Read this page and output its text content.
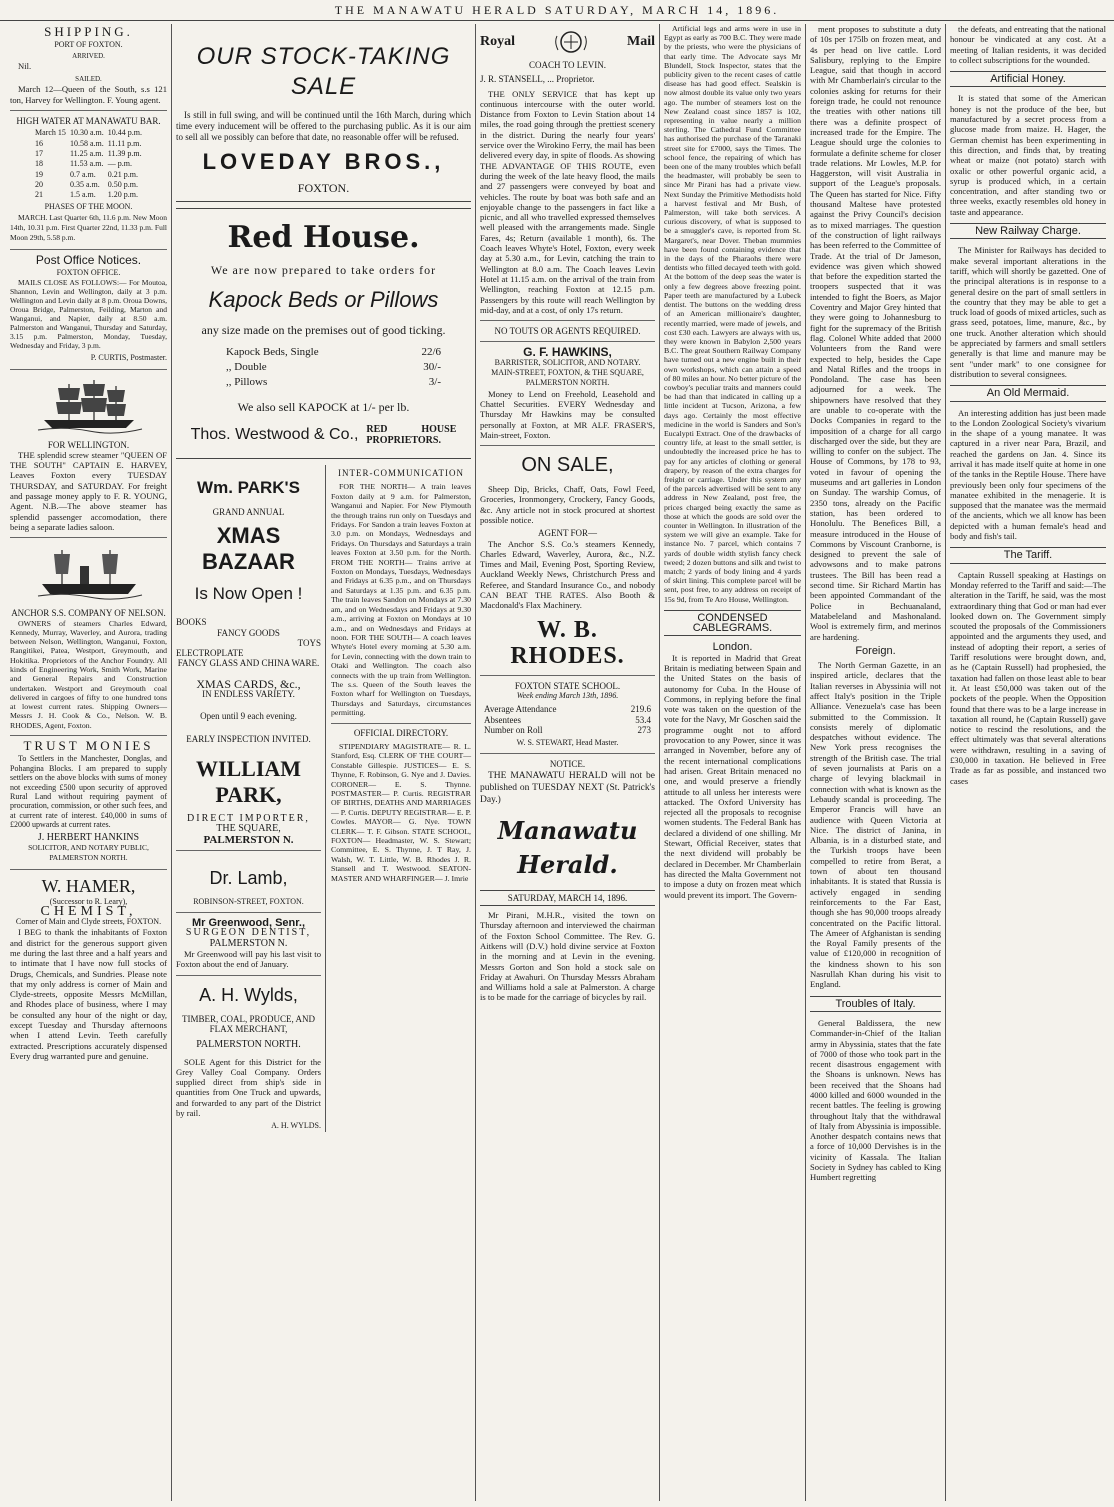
THE MANAWATU HERALD SATURDAY, MARCH 14, 1896.
SHIPPING.
PORT OF FOXTON.
ARRIVED.

Nil.

SAILED.

March 12—Queen of the South, s.s 121 ton, Harvey for Wellington. F. Young agent.

HIGH WATER AT MANAWATU BAR.
March 15	10.30 a.m.	10.44 p.m.
16	10.58 a.m.	11.11 p.m.
17	11.25 a.m.	11.39 p.m.
18	11.53 a.m.	— p.m.
19	0.7 a.m.	0.21 p.m.
20	0.35 a.m.	0.50 p.m.
21	1.5 a.m.	1.20 p.m.
PHASES OF THE MOON.

MARCH. Last Quarter 6th, 11.6 p.m. New Moon 14th, 10.31 p.m. First Quarter 22nd, 11.33 p.m. Full Moon 29th, 5.58 p.m.

Post Office Notices.
FOXTON OFFICE.

MAILS CLOSE AS FOLLOWS:— For Moutoa, Shannon, Levin and Wellington, daily at 3 p.m. Wellington and Levin daily at 8 p.m. Oroua Downs, Oroua Bridge, Palmerston, Feilding, Marton and Wanganui, and Napier, daily at 8.50 a.m. Palmerston and Wanganui, Thursday and Saturday, 3.15 p.m. Palmerston, Monday, Tuesday, Wednesday and Friday, 3 p.m.

P. CURTIS, Postmaster.
FOR WELLINGTON.

THE splendid screw steamer "QUEEN OF THE SOUTH" CAPTAIN E. HARVEY, Leaves Foxton every TUESDAY THURSDAY, and SATURDAY. For freight and passage money apply to F. R. YOUNG, Agent. N.B.—The above steamer has splendid passenger accomodation, there being a separate ladies saloon.

ANCHOR S.S. COMPANY OF NELSON.

OWNERS of steamers Charles Edward, Kennedy, Murray, Waverley, and Aurora, trading between Nelson, Wellington, Wanganui, Foxton, Rangitikei, Patea, Westport, Greymouth, and Hokitika. Proprietors of the Anchor Foundry. All kinds of Engineering Work, Smith Work, Marine and General Repairs and Construction undertaken. Westport and Greymouth coal delivered in cargoes of fifty to one hundred tons at lowest current rates. Shipping Owners— Messrs J. H. Cook & Co., Nelson. W. B. RHODES, Agent, Foxton.

TRUST MONIES

To Settlers in the Manchester, Donglas, and Pohangina Blocks. I am prepared to supply settlers on the above blocks with sums of money not exceeding £500 upon security of approved Rural Land without requiring payment of procuration, commission, or other such fees, and at current rate of interest. £40,000 in sums of £2000 upwards at current rates.

J. HERBERT HANKINS
SOLICITOR, AND NOTARY PUBLIC, PALMERSTON NORTH.
W. HAMER,
(Successor to R. Leary),
CHEMIST,
Corner of Main and Clyde streets, FOXTON.

I BEG to thank the inhabitants of Foxton and district for the generous support given me during the last three and a half years and to intimate that I have now full stocks of Drugs, Chemicals, and Sundries. Please note that my only address is corner of Main and Clyde-streets, opposite Messrs McMillan, and Rhodes place of business, where I may be consulted any hour of the night or day, except Tuesday and Thursday afternoons when I attend Levin. Teeth carefully extracted. Prescriptions accurately dispensed Every drug warranted pure and genuine.

OUR STOCK-TAKING SALE

Is still in full swing, and will be continued until the 16th March, during which time every inducement will be offered to the purchasing public. As it is our aim to sell all we possibly can before that date, no reasonable offer will be refused.

LOVEDAY BROS.,
FOXTON.
Red House.
We are now prepared to take orders for
Kapock Beds or Pillows
any size made on the premises out of good ticking.
Kapock Beds, Single	22/6
,, Double	30/-
,, Pillows	3/-
We also sell KAPOCK at 1/- per lb.
Thos. Westwood & Co., RED HOUSE PROPRIETORS.
Wm. PARK'S
GRAND ANNUAL
XMAS BAZAAR
Is Now Open !
BOOKS
FANCY GOODS
TOYS
ELECTROPLATE
FANCY GLASS AND CHINA WARE.
XMAS CARDS, &c.,
IN ENDLESS VARIETY.
Open until 9 each evening.
EARLY INSPECTION INVITED.
WILLIAM PARK,
DIRECT IMPORTER,
THE SQUARE,
PALMERSTON N.
Dr. Lamb,
ROBINSON-STREET, FOXTON.
Mr Greenwood, Senr.,
SURGEON DENTIST,
PALMERSTON N.

Mr Greenwood will pay his last visit to Foxton about the end of January.

A. H. Wylds,
TIMBER, COAL, PRODUCE, AND FLAX MERCHANT,
PALMERSTON NORTH.

SOLE Agent for this District for the Grey Valley Coal Company. Orders supplied direct from ship's side in quantities from One Truck and upwards, and forwarded to any part of the District by rail.

A. H. WYLDS.
INTER-COMMUNICATION

FOR THE NORTH— A train leaves Foxton daily at 9 a.m. for Palmerston, Wanganui and Napier. For New Plymouth the through trains run only on Tuesdays and Fridays. For Sandon a train leaves Foxton at 3.0 p.m. on Mondays, Wednesdays and Fridays. On Thursdays and Saturdays a train leaves Foxton at 3.50 p.m. for the North. FROM THE NORTH— Trains arrive at Foxton on Mondays, Tuesdays, Wednesdays and Fridays at 6.35 p.m., and on Thursdays and Saturdays at 1.35 p.m. and 6.35 p.m. The train leaves Sandon on Mondays at 7.30 am, and on Wednesdays and Fridays at 9.30 a.m., arriving at Foxton on Mondays at 10 a.m., and on Wednesdays and Fridays at noon. FOR THE SOUTH— A coach leaves Whyte's Hotel every morning at 5.30 a.m. for Levin, connecting with the down train to Otaki and Wellington. The coach also connects with the up train from Wellington. The s.s. Queen of the South leaves the Foxton wharf for Wellington on Tuesdays, Thursdays and Saturdays, circumstances permitting.

OFFICIAL DIRECTORY.

STIPENDIARY MAGISTRATE— R. L. Stanford, Esq. CLERK OF THE COURT— Constable Gillespie. JUSTICES— E. S. Thynne, F. Robinson, G. Nye and J. Davies. CORONER— E. S. Thynne. POSTMASTER— P. Curtis. REGISTRAR OF BIRTHS, DEATHS AND MARRIAGES— P. Curtis. DEPUTY REGISTRAR— E. P. Cowles. MAYOR— G. Nye. TOWN CLERK— T. F. Gibson. STATE SCHOOL, FOXTON— Headmaster, W. S. Stewart; Committee, E. S. Thynne, J. T Ray, J. Walsh, W. T. Little, W. B. Rhodes J. R. Stansell and T. Westwood. SEATON-MASTER AND WHARFINGER— J. Imrie

Royal	Mail
COACH TO LEVIN.
J. R. STANSELL, ... Proprietor.

THE ONLY SERVICE that has kept up continuous intercourse with the outer world. Distance from Foxton to Levin Station about 14 miles, the road going through the prettiest scenery in the district. During the nearly four years' service over the Wirokino Ferry, the mail has been delivered every day, in spite of floods. As showing THE ADVANTAGE OF THIS ROUTE, even during the week of the late heavy flood, the mails and 27 passengers were conveyed by boat and vehicles. The route by boat was both safe and an enjoyable change to the passengers in fact like a picnic, and all who travelled expressed themselves well pleased with the arrangements made. Single Fares, 4s; Return (available 1 month), 6s. The Coach leaves Whyte's Hotel, Foxton, every week day at 5.30 a.m., for Levin, catching the train to Wellington at 8.0 a.m. The Coach leaves Levin Hotel at 11.15 a.m. on the arrival of the train from Wellington, reaching Foxton at 12.15 p.m. Passengers by this route will reach Wellington by mid-day, and at a cost, of only 17s return.

NO TOUTS OR AGENTS REQUIRED.
G. F. HAWKINS,
BARRISTER, SOLICITOR, AND NOTARY.
MAIN-STREET, FOXTON, & THE SQUARE, PALMERSTON NORTH.

Money to Lend on Freehold, Leasehold and Chattel Securities. EVERY Wednesday and Thursday Mr Hawkins may be consulted personally at Foxton, at MR ALF. FRASER'S, Main-street, Foxton.

ON SALE,

Sheep Dip, Bricks, Chaff, Oats, Fowl Feed, Groceries, Ironmongery, Crockery, Fancy Goods, &c. Any article not in stock procured at shortest possible notice.

AGENT FOR—

The Anchor S.S. Co.'s steamers Kennedy, Charles Edward, Waverley, Aurora, &c., N.Z. Times and Mail, Evening Post, Sporting Review, Auckland Weekly News, Christchurch Press and Referee, and Standard Insurance Co., and nobody CAN BEAT THE RATES. Also Booth & Macdonald's Flax Machinery.

W. B. RHODES.
FOXTON STATE SCHOOL.
Week ending March 13th, 1896.
Average Attendance	219.6
Absentees	53.4
Number on Roll	273
W. S. STEWART, Head Master.
NOTICE.

THE MANAWATU HERALD will not be published on TUESDAY NEXT (St. Patrick's Day.)

Manawatu Herald.
SATURDAY, MARCH 14, 1896.

Mr Pirani, M.H.R., visited the town on Thursday afternoon and interviewed the chairman of the Foxton School Committee. The Rev. G. Aitkens will (D.V.) hold divine service at Foxton in the morning and at Levin in the evening. Messrs Gorton and Son hold a stock sale on Friday at Awahuri. On Thursday Messrs Abraham and Williams hold a sale at Palmerston. A charge is to be made for the carriage of bicycles by rail.

Artificial legs and arms were in use in Egypt as early as 700 B.C. They were made by the priests, who were the physicians of that early time. The Advocate says Mr Blundell, Stock Inspector, states that the publicity given to the recent cases of cattle disease has had good effect. Sealskin is now almost double its value only two years ago. The number of steamers lost on the New Zealand coast since 1857 is 102, representing in value nearly a million sterling. The Cathedral Fund Committee has authorised the purchase of the Taranaki street site for £7000, says the Times. The school fence, the repairing of which has been one of the many troubles which befall the headmaster, will probably be seen to since Mr Pirani has had a private view. Next Sunday the Primitive Methodists hold a harvest festival and Mr Bush, of Palmerston, will take both services. A curious discovery, of what is supposed to be a smuggler's cave, is reported from St. Margaret's, near Dover. Theban mummies have been found containing evidence that in the days of the Pharaohs there were dentists who filled decayed teeth with gold. At the bottom of the deep seas the water is only a few degrees above freezing point. Paper teeth are manufactured by a Lubeck dentist. The buttons on the wedding dress of an American millionaire's daughter, recently married, were made of jewels, and cost £30 each. Lawyers are always with us, they were known in Babylon 2,500 years B.C. The great Southern Railway Company have turned out a new engine built in their own workshops, which can attain a speed of 80 miles an hour. No better picture of the cowboy's peculiar traits and manners could be had than that indicated in calling up a little incident at Tucson, Arizona, a few days ago. Certainly the most effective medicine in the world is Sanders and Son's Eucalypti Extract. One of the drawbacks of country life, at least to the small settler, is undoubtedly the increased price he has to pay for any articles of clothing or general drapery, by reason of the extra charges for freight or carriage. Under this system any of the parcels advertised will be sent to any address in New Zealand, post free, the prices charged being exactly the same as those at which the goods are sold over the counter in Wellington. In illustration of the system we will give an example. Take for instance No. 7 parcel, which contains 7 yards of double width stylish fancy check tweed; 2 dozen buttons and silk and twist to match; 2 yards of body lining and 4 yards of skirt lining. This complete parcel will be sent, post free, to any address on receipt of 15s 9d, from Te Aro House, Wellington.

CONDENSED CABLEGRAMS.
London.

It is reported in Madrid that Great Britain is mediating between Spain and the United States on the basis of autonomy for Cuba. In the House of Commons, in replying before the final vote was taken on the question of the vote for the Navy, Mr Goschen said the programme ought not to afford provocation to any Power, since it was arranged in November, before any of the recent international complications had arisen. Great Britain menaced no one, and would preserve a friendly attitude to all unless her interests were attacked. The Oxford University has rejected all the proposals to recognise women students. The Federal Bank has declared a dividend of one shilling. Mr Stewart, Official Receiver, states that the next dividend will probably be declared in December. Mr Chamberlain has directed the Malta Government not to impose a duty on frozen meat which would prevent its import. The Govern-

ment proposes to substitute a duty of 10s per 175lb on frozen meat, and 4s per head on live cattle. Lord Salisbury, replying to the Empire League, said that though in accord with Mr Chamberlain's circular to the colonies asking for returns for their foreign trade, he could not renounce the treaties with other nations till there was a definite prospect of increased trade for the Empire. The League should urge the colonies to formulate a definite scheme for closer trade relations. Mr Lowles, M.P. for Haggerston, will visit Australia in support of the League's proposals. The Queen has started for Nice. Fifty thousand Maltese have protested against the Privy Council's decision as to mixed marriages. The question of the construction of light railways has been referred to the Committee of Trade. At the trial of Dr Jameson, evidence was given which showed that before the expedition started the troopers suspected that it was intended to fight the Boers, as Major Coventry and Major Grey hinted that they were going to Johannesburg to fight for the supremacy of the British flag. Colonel White added that 2000 Volunteers from the Rand were expected to help, besides the Cape and Natal Rifles and the troops in Pondoland. The case has been adjourned for a week. The shipowners have resolved that they are unable to co-operate with the Docks Companies in regard to the imposition of a charge for all cargo discharged over the side, but they are willing to confer on the subject. The House of Commons, by 178 to 93, voted in favour of opening the museums and art galleries in London on Sunday. The warship Comus, of 2350 tons, already on the Pacific station, has been ordered to Honolulu. The Benefices Bill, a measure introduced in the House of Commons by Viscount Cranborne, is designed to prevent the sale of advowsons and to make patrons trustees. The Bill has been read a second time. Sir Richard Martin has been appointed Commandant of the Police in Bechuanaland, Matabeleland and Mashonaland. Wool is extremely firm, and merinos are hardening.

Foreign.

The North German Gazette, in an inspired article, declares that the Italian reverses in Abyssinia will not affect Italy's position in the Triple Alliance. Venezuela's case has been submitted to the Commission. It consists merely of diplomatic despatches without evidence. The New York press recognises the strength of the British case. The trial of seven journalists at Paris on a charge of levying blackmail in connection with what is known as the Lebaudy scandal is proceeding. The Emperor Francis will have an audience with Queen Victoria at Nice. The district of Janina, in Albania, is in a disturbed state, and the Turkish troops have been compelled to retire from Berat, a town of about ten thousand inhabitants. It is stated that Russia is actively engaged in sending reinforcements to the Far East, though she has 90,000 troops already concentrated on the Pacific littoral. The Ameer of Afghanistan is sending the Royal Family presents of the value of £120,000 in recognition of the kindness shown to his son Nasrullah Khan during his visit to England.

Troubles of Italy.

General Baldissera, the new Commander-in-Chief of the Italian army in Abyssinia, states that the fate of 7000 of those who took part in the recent disastrous engagement with the Shoans is unknown. News has been received that the Shoans had 4000 killed and 6000 wounded in the recent battles. The feeling is growing throughout Italy that the withdrawal of Italy from Abyssinia is impossible. Another despatch contains news that a force of 10,000 Dervishes is in the vicinity of Kassala. The Italian Society in Sydney has cabled to King Humbert regretting

the defeats, and entreating that the national honour be vindicated at any cost. At a meeting of Italian residents, it was decided to collect subscriptions for the wounded.

Artificial Honey.

It is stated that some of the American honey is not the produce of the bee, but manufactured by a secret process from a glucose made from maize. H. Hager, the German chemist has been experimenting in this direction, and finds that, by treating wheat or maize (not potato) starch with oxalic or other powerful organic acid, a syrup is produced which, in a certain concentration, and after standing two or three weeks, exactly resembles old honey in taste and appearance.

New Railway Charge.

The Minister for Railways has decided to make several important alterations in the tariff, which will shortly be gazetted. One of the principal alterations is in response to a general desire on the part of small settlers in the country that they may be able to get a truck load of goods of mixed articles, such as grass seed, potatoes, lime, manure, &c., by one truck. Another alteration which should be appreciated by farmers and small settlers generally is that lime and manure may be sent "under mark" to one consignee for distribution to several consignees.

An Old Mermaid.

An interesting addition has just been made to the London Zoological Society's vivarium in the shape of a young manatee. It was captured in a river near Para, Brazil, and reached the gardens on Jan. 4. Since its arrival it has made itself quite at home in one of the tanks in the Reptile House. There have previously been only four specimens of the manatee exhibited in the menagerie. It is supposed that the manatee was the mermaid of the ancients, which we all know has been depicted with a human female's head and body and fish's tail.

The Tariff.

Captain Russell speaking at Hastings on Monday referred to the Tariff and said:—The alteration in the Tariff, he said, was the most extraordinary thing that God or man had ever looked down on. The Government simply scouted the proposals of the Commissioners appointed and the arguments they used, and instead of adopting their report, a series of Tariff resolutions were brought down, and, as he (Captain Russell) had prophesied, the taxation had fallen on those least able to bear it. At least £50,000 was taken out of the pockets of the people. When the Opposition found that there was to be a large increase in taxation all round, he (Captain Russell) gave notice to rescind the resolutions, and the effect ultimately was that several alterations were withdrawn, resulting in a saving of £30,000 in taxation. He believed in Free Trade as far as possible, and instanced two cases
